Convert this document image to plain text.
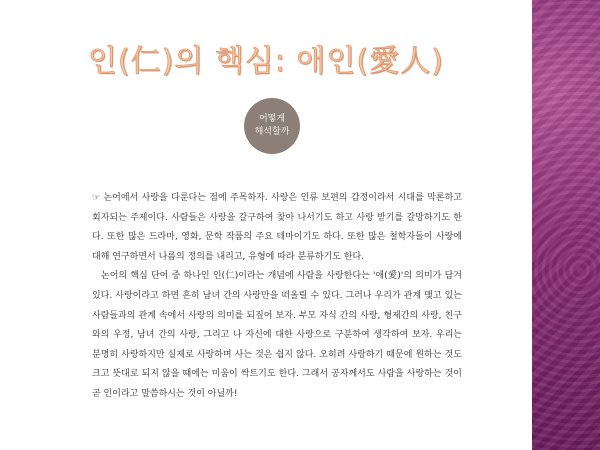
인(仁)의 핵심: 애인(愛人)
어떻게
해석할까

☞ 논어에서 사랑을 다룬다는 점에 주목하자. 사랑은 인류 보편의 감정이라서 시대를 막론하고 회자되는 주제이다. 사람들은 사랑을 갈구하여 찾아 나서기도 하고 사랑 받기를 갈망하기도 한다. 또한 많은 드라마, 영화, 문학 작품의 주요 테마이기도 하다. 또한 많은 철학자들이 사랑에 대해 연구하면서 나름의 정의를 내리고, 유형에 따라 분류하기도 한다.

논어의 핵심 단어 중 하나인 인(仁)이라는 개념에 사람을 사랑한다는 '애(愛)'의 의미가 담겨있다. 사랑이라고 하면 흔히 남녀 간의 사랑만을 떠올릴 수 있다. 그러나 우리가 관계 맺고 있는 사람들과의 관계 속에서 사랑의 의미를 되짚어 보자. 부모 자식 간의 사랑, 형제간의 사랑, 친구와의 우정, 남녀 간의 사랑, 그리고 나 자신에 대한 사랑으로 구분하여 생각하여 보자. 우리는 분명히 사랑하지만 실제로 사랑하며 사는 것은 쉽지 않다. 오히려 사랑하기 때문에 원하는 것도 크고 뜻대로 되지 않을 때에는 미움이 싹트기도 한다. 그래서 공자께서도 사람을 사랑하는 것이 곧 인이라고 말씀하시는 것이 아닐까!
